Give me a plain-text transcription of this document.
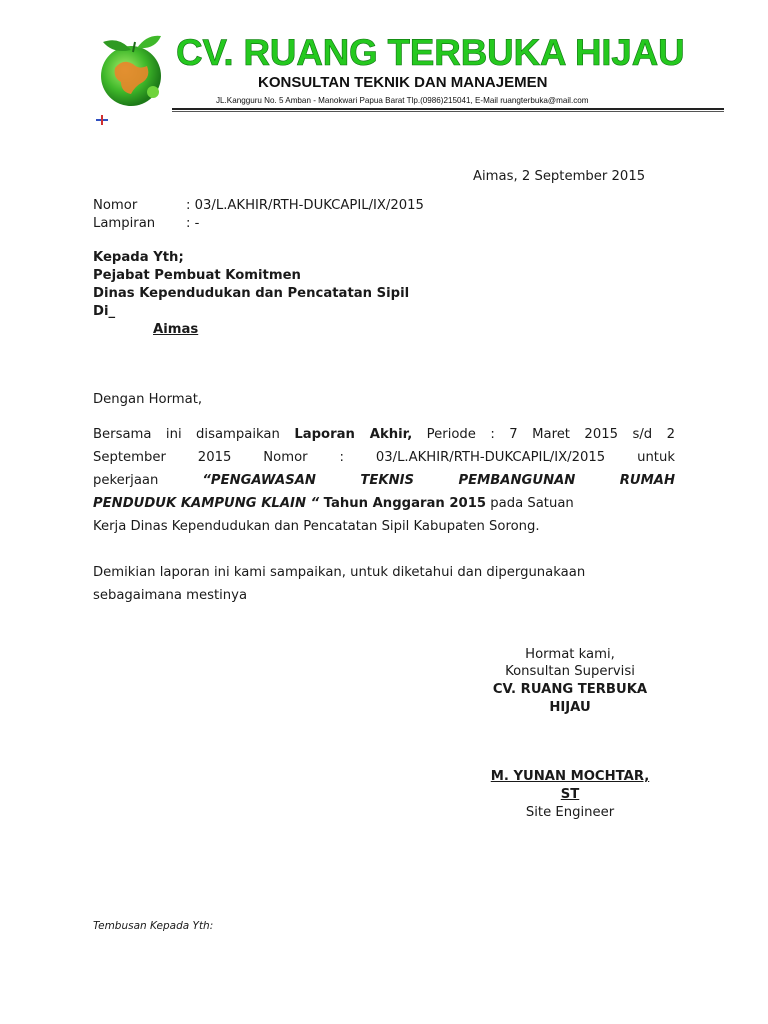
CV. RUANG TERBUKA HIJAU
KONSULTAN TEKNIK DAN MANAJEMEN
JL.Kangguru No. 5 Amban - Manokwari Papua Barat Tlp.(0986)215041, E-Mail ruangterbuka@mail.com
Aimas, 2 September 2015
Nomor	: 03/L.AKHIR/RTH-DUKCAPIL/IX/2015
Lampiran : -
Kepada Yth;
Pejabat Pembuat Komitmen
Dinas Kependudukan dan Pencatatan Sipil
Di_
Aimas
Dengan Hormat,
Bersama ini disampaikan Laporan Akhir, Periode : 7 Maret 2015 s/d 2
September 2015 Nomor : 03/L.AKHIR/RTH-DUKCAPIL/IX/2015 untuk
pekerjaan	“PENGAWASAN TEKNIS PEMBANGUNAN RUMAH
PENDUDUK KAMPUNG KLAIN “ Tahun Anggaran 2015 pada Satuan
Kerja Dinas Kependudukan dan Pencatatan Sipil Kabupaten Sorong.
Demikian laporan ini kami sampaikan, untuk diketahui dan dipergunakaan
sebagaimana mestinya
Hormat kami,
Konsultan Supervisi
CV. RUANG TERBUKA
HIJAU
M. YUNAN MOCHTAR,
ST
Site Engineer
Tembusan Kepada Yth:
